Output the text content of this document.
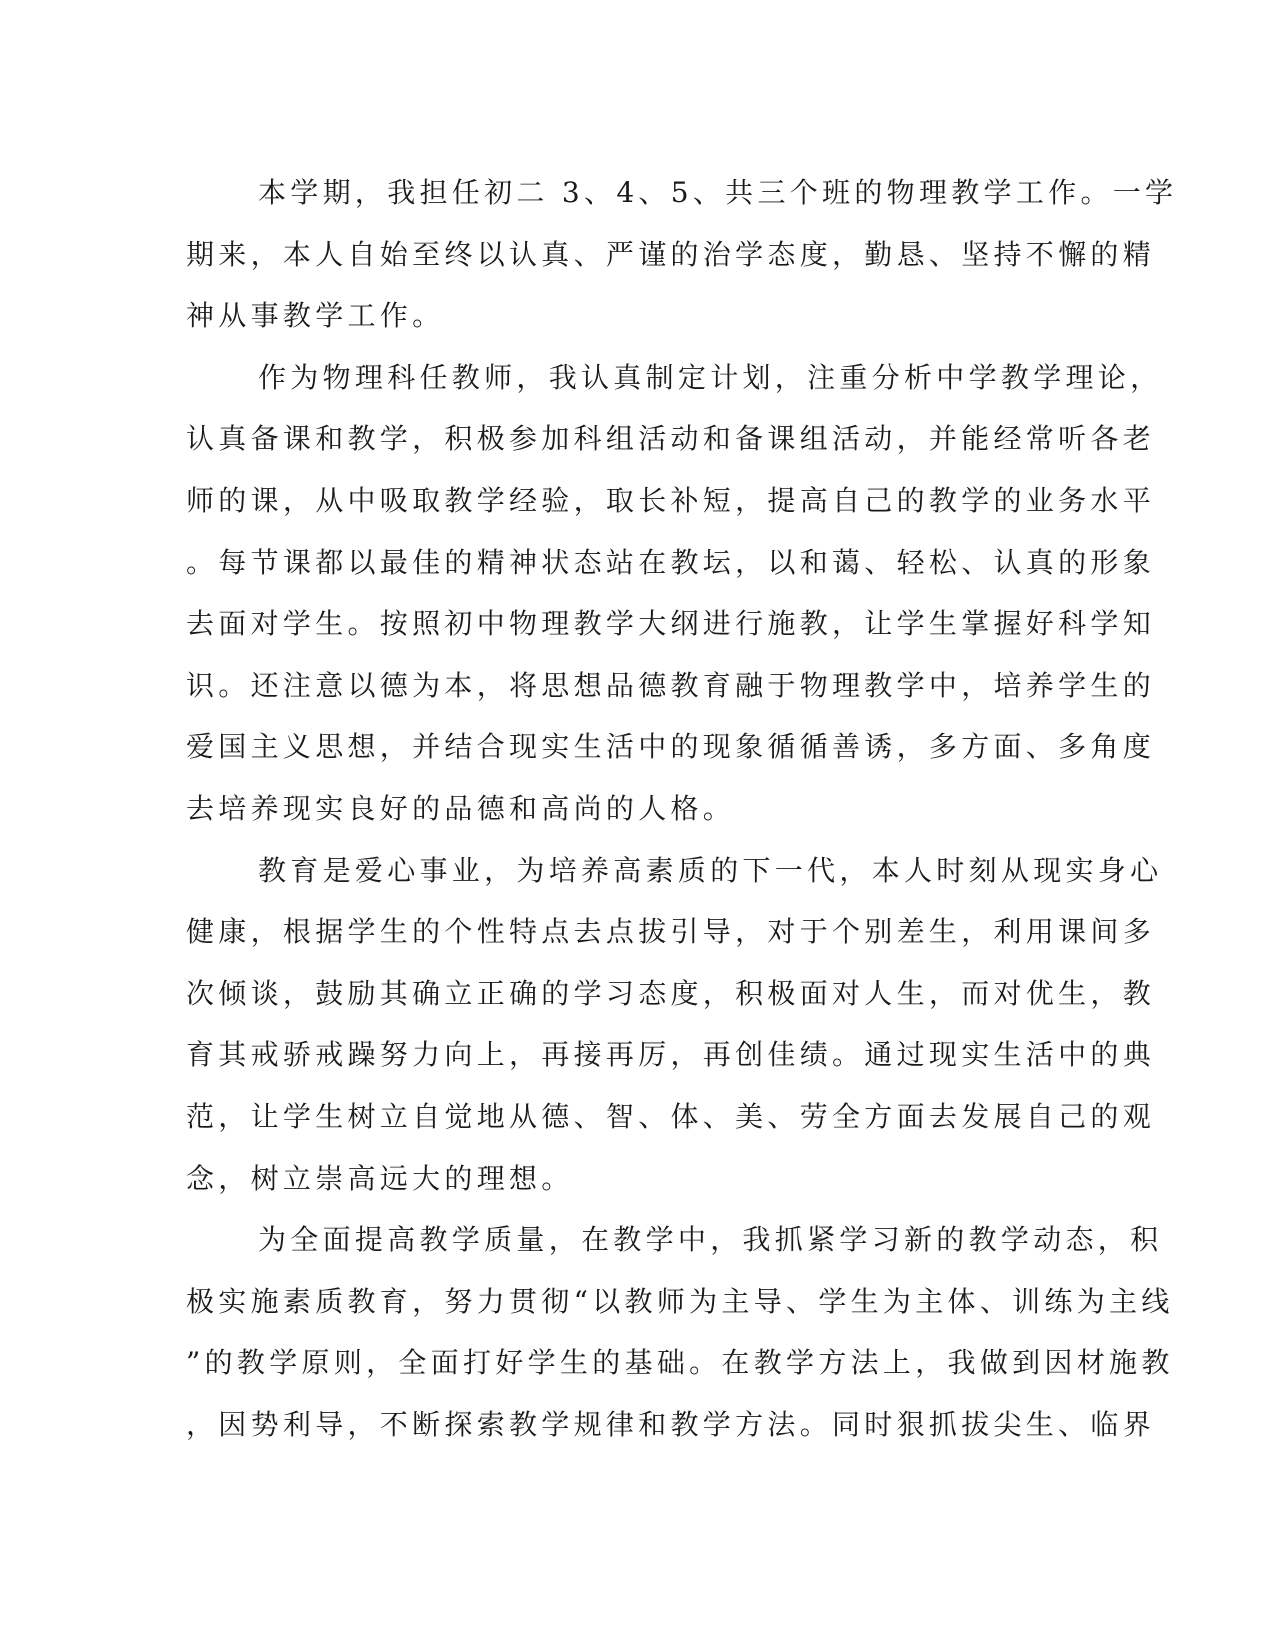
本学期，我担任初二 3、4、5、共三个班的物理教学工作。一学
期来，本人自始至终以认真、严谨的治学态度，勤恳、坚持不懈的精
神从事教学工作。
作为物理科任教师，我认真制定计划，注重分析中学教学理论，
认真备课和教学，积极参加科组活动和备课组活动，并能经常听各老
师的课，从中吸取教学经验，取长补短，提高自己的教学的业务水平
。每节课都以最佳的精神状态站在教坛，以和蔼、轻松、认真的形象
去面对学生。按照初中物理教学大纲进行施教，让学生掌握好科学知
识。还注意以德为本，将思想品德教育融于物理教学中，培养学生的
爱国主义思想，并结合现实生活中的现象循循善诱，多方面、多角度
去培养现实良好的品德和高尚的人格。
教育是爱心事业，为培养高素质的下一代，本人时刻从现实身心
健康，根据学生的个性特点去点拔引导，对于个别差生，利用课间多
次倾谈，鼓励其确立正确的学习态度，积极面对人生，而对优生，教
育其戒骄戒躁努力向上，再接再厉，再创佳绩。通过现实生活中的典
范，让学生树立自觉地从德、智、体、美、劳全方面去发展自己的观
念，树立崇高远大的理想。
为全面提高教学质量，在教学中，我抓紧学习新的教学动态，积
极实施素质教育，努力贯彻“以教师为主导、学生为主体、训练为主线
”的教学原则，全面打好学生的基础。在教学方法上，我做到因材施教
，因势利导，不断探索教学规律和教学方法。同时狠抓拔尖生、临界
